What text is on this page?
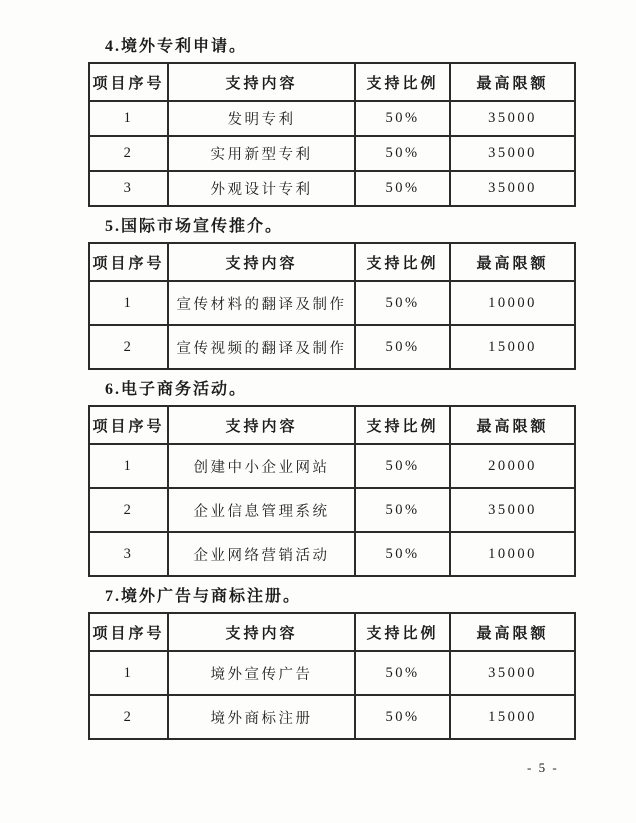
4.境外专利申请。
项目序号	支持内容	支持比例	最高限额
1	发明专利	50%	35000
2	实用新型专利	50%	35000
3	外观设计专利	50%	35000
5.国际市场宣传推介。
项目序号	支持内容	支持比例	最高限额
1	宣传材料的翻译及制作	50%	10000
2	宣传视频的翻译及制作	50%	15000
6.电子商务活动。
项目序号	支持内容	支持比例	最高限额
1	创建中小企业网站	50%	20000
2	企业信息管理系统	50%	35000
3	企业网络营销活动	50%	10000
7.境外广告与商标注册。
项目序号	支持内容	支持比例	最高限额
1	境外宣传广告	50%	35000
2	境外商标注册	50%	15000
- 5 -
